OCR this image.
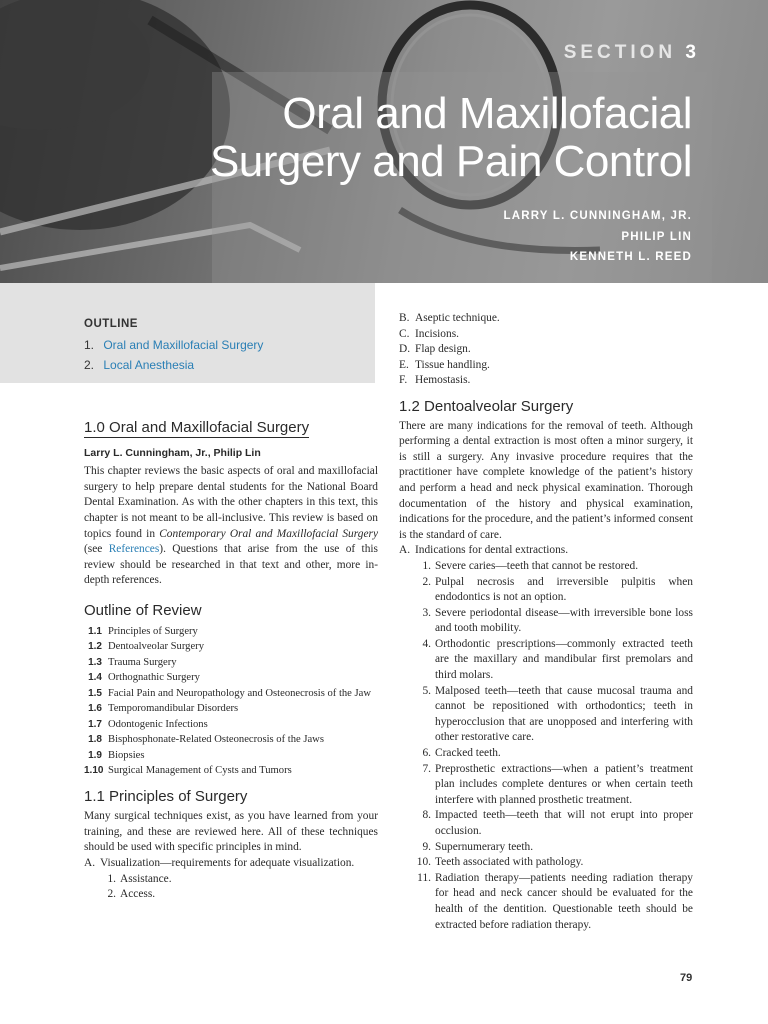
SECTION 3
Oral and Maxillofacial
Surgery and Pain Control
LARRY L. CUNNINGHAM, JR.
PHILIP LIN
KENNETH L. REED
OUTLINE
1. Oral and Maxillofacial Surgery
2. Local Anesthesia
1.0 Oral and Maxillofacial Surgery
Larry L. Cunningham, Jr., Philip Lin

This chapter reviews the basic aspects of oral and maxillofacial surgery to help prepare dental students for the National Board Dental Examination. As with the other chapters in this text, this chapter is not meant to be all-inclusive. This review is based on topics found in Contemporary Oral and Maxillofacial Surgery (see References). Questions that arise from the use of this review should be researched in that text and other, more in-depth references.

Outline of Review
1.1 Principles of Surgery
1.2 Dentoalveolar Surgery
1.3 Trauma Surgery
1.4 Orthognathic Surgery
1.5 Facial Pain and Neuropathology and Osteonecrosis of the Jaw
1.6 Temporomandibular Disorders
1.7 Odontogenic Infections
1.8 Bisphosphonate-Related Osteonecrosis of the Jaws
1.9 Biopsies
1.10 Surgical Management of Cysts and Tumors
1.1 Principles of Surgery

Many surgical techniques exist, as you have learned from your training, and these are reviewed here. All of these techniques should be used with specific principles in mind.

A. Visualization—requirements for adequate visualization.
1. Assistance.
2. Access.
B. Aseptic technique.
C. Incisions.
D. Flap design.
E. Tissue handling.
F. Hemostasis.
1.2 Dentoalveolar Surgery

There are many indications for the removal of teeth. Although performing a dental extraction is most often a minor surgery, it is still a surgery. Any invasive procedure requires that the practitioner have complete knowledge of the patient’s history and perform a head and neck physical examination. Thorough documentation of the history and physical examination, indications for the procedure, and the patient’s informed consent is the standard of care.

A. Indications for dental extractions.
1. Severe caries—teeth that cannot be restored.
2. Pulpal necrosis and irreversible pulpitis when endodontics is not an option.
3. Severe periodontal disease—with irreversible bone loss and tooth mobility.
4. Orthodontic prescriptions—commonly extracted teeth are the maxillary and mandibular first premolars and third molars.
5. Malposed teeth—teeth that cause mucosal trauma and cannot be repositioned with orthodontics; teeth in hyperocclusion that are unopposed and interfering with other restorative care.
6. Cracked teeth.
7. Preprosthetic extractions—when a patient’s treatment plan includes complete dentures or when certain teeth interfere with planned prosthetic treatment.
8. Impacted teeth—teeth that will not erupt into proper occlusion.
9. Supernumerary teeth.
10. Teeth associated with pathology.
11. Radiation therapy—patients needing radiation therapy for head and neck cancer should be evaluated for the health of the dentition. Questionable teeth should be extracted before radiation therapy.
79
